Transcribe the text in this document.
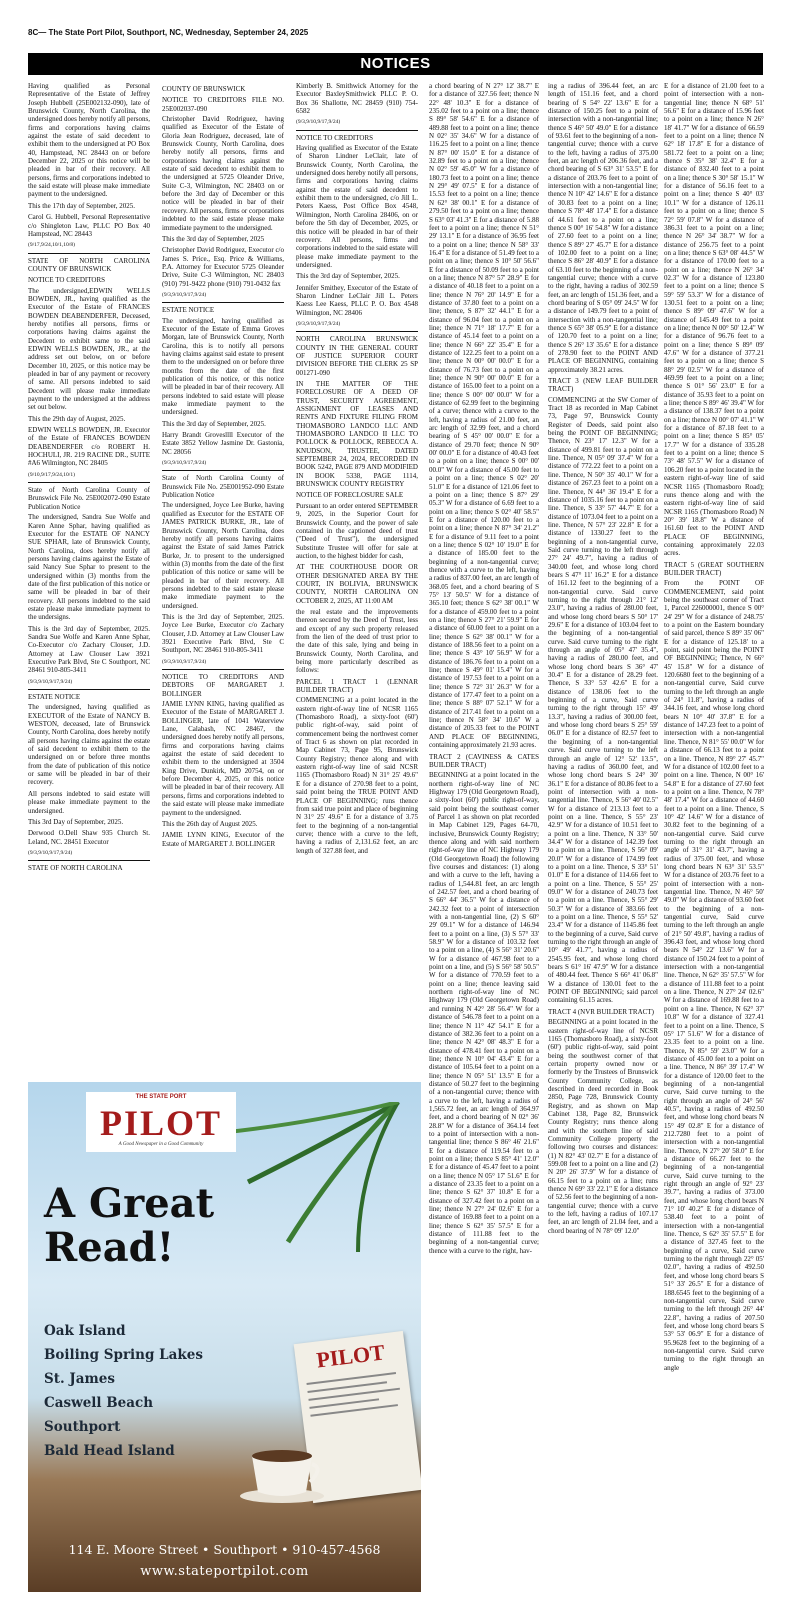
8C— The State Port Pilot, Southport, NC, Wednesday, September 24, 2025
NOTICES

Having qualified as Personal Representative of the Estate of Jeffrey Joseph Hubbell (25E002132-090), late of Brunswick County, North Carolina, the undersigned does hereby notify all persons, firms and corporations having claims against the estate of said decedent to exhibit them to the undersigned at PO Box 40, Hampstead, NC 28443 on or before December 22, 2025 or this notice will be pleaded in bar of their recovery. All persons, firms and corporations indebted to the said estate will please make immediate payment to the undersigned.

This the 17th day of September, 2025.

Carol G. Hubbell, Personal Representative c/o Shingleton Law, PLLC PO Box 40 Hampstead, NC 28443

(9/17,9/24,10/1,10/8)

STATE OF NORTH CAROLINA COUNTY OF BRUNSWICK
NOTICE TO CREDITORS

The undersigned,EDWIN WELLS BOWDEN, JR., having qualified as the Executor of the Estate of FRANCES BOWDEN DEABENDERFER, Deceased, hereby notifies all persons, firms or corporations having claims against the Decedent to exhibit same to the said EDWIN WELLS BOWDEN, JR., at the address set out below, on or before December 10, 2025, or this notice may be pleaded in bar of any payment or recovery of same. All persons indebted to said Decedent will please make immediate payment to the undersigned at the address set out below.

This the 29th day of August, 2025.

EDWIN WELLS BOWDEN, JR. Executor of the Estate of FRANCES BOWDEN DEABENDERFER c/o ROBERT H. HOCHULI, JR. 219 RACINE DR., SUITE #A6 Wilmington, NC 28405

(9/10,9/17,9/24,10/1)

State of North Carolina County of Brunswick File No. 25E002072-090 Estate Publication Notice

The undersigned, Sandra Sue Wolfe and Karen Anne Sphar, having qualified as Executor for the ESTATE OF NANCY SUE SPHAR, late of Brunswick County, North Carolina, does hereby notify all persons having claims against the Estate of said Nancy Sue Sphar to present to the undersigned within (3) months from the date of the first publication of this notice or same will be pleaded in bar of their recovery. All persons indebted to the said estate please make immediate payment to the undersigns.

This is the 3rd day of September, 2025. Sandra Sue Wolfe and Karen Anne Sphar, Co-Executor c/o Zachary Clouser, J.D. Attorney at Law Clouser Law 3921 Executive Park Blvd, Ste C Southport, NC 28461 910-805-3411

(9/3,9/10,9/17,9/24)

ESTATE NOTICE

The undersigned, having qualified as EXECUTOR of the Estate of NANCY B. WESTON, deceased, late of Brunswick County, North Carolina, does hereby notify all persons having claims against the estate of said decedent to exhibit them to the undersigned on or before three months from the date of publication of this notice or same will be pleaded in bar of their recovery.

All persons indebted to said estate will please make immediate payment to the undersigned.

This 3rd Day of September, 2025.

Derwood O.Dell Shaw 935 Church St. Leland, NC. 28451 Executor

(9/3,9/10,9/17,9/24)

STATE OF NORTH CAROLINA
COUNTY OF BRUNSWICK
NOTICE TO CREDITORS FILE NO. 25E002037-090

Christopher David Rodriguez, having qualified as Executor of the Estate of Gloria Jean Rodriguez, deceased, late of Brunswick County, North Carolina, does hereby notify all persons, firms and corporations having claims against the estate of said decedent to exhibit them to the undersigned at 5725 Oleander Drive, Suite C-3, Wilmington, NC 28403 on or before the 3rd day of December or this notice will be pleaded in bar of their recovery. All persons, firms or corporations indebted to the said estate please make immediate payment to the undersigned.

This the 3rd day of September, 2025

Christopher David Rodriguez, Executor c/o James S. Price., Esq. Price & Williams, P.A. Attorney for Executor 5725 Oleander Drive, Suite C-3 Wilmington, NC 28403 (910) 791-9422 phone (910) 791-0432 fax

(9/3,9/10,9/17,9/24)

ESTATE NOTICE

The undersigned, having qualified as Executor of the Estate of Emma Groves Morgan, late of Brunswick County, North Carolina, this is to notify all persons having claims against said estate to present them to the undersigned on or before three months from the date of the first publication of this notice, or this notice will be pleaded in bar of their recovery. All persons indebted to said estate will please make immediate payment to the undersigned.

This the 3rd day of September, 2025.

Harry Brandt Grovesllll Executor of the Estate 3852 Yellow Jasmine Dr. Gastonia, NC 28056

(9/3,9/10,9/17,9/24)

State of North Carolina County of Brunswick File No. 25E001952-090 Estate Publication Notice

The undersigned, Joyce Lee Burke, having qualified as Executor for the ESTATE OF JAMES PATRICK BURKE, JR., late of Brunswick County, North Carolina, does hereby notify all persons having claims against the Estate of said James Patrick Burke, Jr. to present to the undersigned within (3) months from the date of the first publication of this notice or same will be pleaded in bar of their recovery. All persons indebted to the said estate please make immediate payment to the undersigned.

This is the 3rd day of September, 2025. Joyce Lee Burke, Executor c/o Zachary Clouser, J.D. Attorney at Law Clouser Law 3921 Executive Park Blvd, Ste C Southport, NC 28461 910-805-3411

(9/3,9/10,9/17,9/24)

NOTICE TO CREDITORS AND DEBTORS OF MARGARET J. BOLLINGER

JAMIE LYNN KING, having qualified as Executor of the Estate of MARGARET J. BOLLINGER, late of 1041 Waterview Lane, Calabash, NC 28467, the undersigned does hereby notify all persons, firms and corporations having claims against the estate of said decedent to exhibit them to the undersigned at 3504 King Drive, Dunkirk, MD 20754, on or before December 4, 2025, or this notice will be pleaded in bar of their recovery. All persons, firms and corporations indebted to the said estate will please make immediate payment to the undersigned.

This the 26th day of August 2025.

JAMIE LYNN KING, Executor of the Estate of MARGARET J. BOLLINGER

Kimberly B. Smithwick Attorney for the Executor BaxleySmithwick PLLC P. O. Box 36 Shallotte, NC 28459 (910) 754-6582

(9/3,9/10,9/17,9/24)

NOTICE TO CREDITORS

Having qualified as Executor of the Estate of Sharon Lindner LeClair, late of Brunswick County, North Carolina, the undersigned does hereby notify all persons, firms and corporations having claims against the estate of said decedent to exhibit them to the undersigned, c/o Jill L. Peters Kaess, Post Office Box 4548, Wilmington, North Carolina 28406, on or before the 5th day of December, 2025, or this notice will be pleaded in bar of their recovery. All persons, firms and corporations indebted to the said estate will please make immediate payment to the undersigned.

This the 3rd day of September, 2025.

Jennifer Smithey, Executor of the Estate of Sharon Lindner LeClair Jill L. Peters Kaess Lee Kaess, PLLC P. O. Box 4548 Wilmington, NC 28406

(9/3,9/10,9/17,9/24)

NORTH CAROLINA BRUNSWICK COUNTY IN THE GENERAL COURT OF JUSTICE SUPERIOR COURT DIVISION BEFORE THE CLERK 25 SP 001271-090
IN THE MATTER OF THE FORECLOSURE OF A DEED OF TRUST, SECURITY AGREEMENT, ASSIGNMENT OF LEASES AND RENTS AND FIXTURE FILING FROM THOMASBORO LANDCO LLC AND THOMASBORO LANDCO II LLC TO POLLOCK & POLLOCK, REBECCA A. KNUDSON, TRUSTEE, DATED SEPTEMBER 24, 2024, RECORDED IN BOOK 5242, PAGE 879 AND MODIFIED IN BOOK 5338, PAGE 1114, BRUNSWICK COUNTY REGISTRY
NOTICE OF FORECLOSURE SALE

Pursuant to an order entered SEPTEMBER 9, 2025, in the Superior Court for Brunswick County, and the power of sale contained in the captioned deed of trust ("Deed of Trust"), the undersigned Substitute Trustee will offer for sale at auction, to the highest bidder for cash,

AT THE COURTHOUSE DOOR OR OTHER DESIGNATED AREA BY THE COURT, IN BOLIVIA, BRUNSWICK COUNTY, NORTH CAROLINA ON OCTOBER 2, 2025, AT 11:00 AM

the real estate and the improvements thereon secured by the Deed of Trust, less and except of any such property released from the lien of the deed of trust prior to the date of this sale, lying and being in Brunswick County, North Carolina, and being more particularly described as follows:

PARCEL 1 TRACT 1 (LENNAR BUILDER TRACT)

COMMENCING at a point located in the eastern right-of-way line of NCSR 1165 (Thomasboro Road), a sixty-foot (60') public right-of-way, said point of commencement being the northwest corner of Tract 6 as shown on plat recorded in Map Cabinet 73, Page 95, Brunswick County Registry; thence along and with eastern right-of-way line of said NCSR 1165 (Thomasboro Road) N 31° 25' 49.6" E for a distance of 270.98 feet to a point, said point being the TRUE POINT AND PLACE OF BEGINNING; runs thence from said true point and place of beginning N 31° 25' 49.6" E for a distance of 3.75 feet to the beginning of a non-tangential curve; thence with a curve to the left, having a radius of 2,131.62 feet, an arc length of 327.88 feet, and

a chord bearing of N 27° 12' 38.7" E for a distance of 327.56 feet; thence N 22° 48' 10.3" E for a distance of 235.02 feet to a point on a line; thence S 89° 58' 54.6" E for a distance of 489.88 feet to a point on a line; thence N 02° 35' 34.6" W for a distance of 116.25 feet to a point on a line; thence N 87° 00' 15.0" E for a distance of 32.89 feet to a point on a line; thence N 02° 59' 45.0" W for a distance of 180.73 feet to a point on a line; thence N 29° 49' 07.5" E for a distance of 15.53 feet to a point on a line; thence N 62° 38' 00.1" E for a distance of 279.50 feet to a point on a line; thence S 63° 03' 41.3" E for a distance of 5.88 feet to a point on a line; thence N 51° 29' 13.1" E for a distance of 36.95 feet to a point on a line; thence N 58° 33' 16.4" E for a distance of 51.49 feet to a point on a line; thence S 10° 50' 56.6" E for a distance of 50.09 feet to a point on a line; thence N 87° 57' 28.9" E for a distance of 40.18 feet to a point on a line; thence N 76° 20' 14.9" E for a distance of 37.80 feet to a point on a line; thence, S 87° 32' 44.1" E for a distance of 96.04 feet to a point on a line; thence N 71° 18' 17.7" E for a distance of 45.14 feet to a point on a line; thence N 66° 22' 35.4" E for a distance of 122.25 feet to a point on a line; thence N 00° 00' 00.0" E for a distance of 76.73 feet to a point on a line; thence N 90° 00' 00.0" E for a distance of 165.00 feet to a point on a line; thence S 00° 00' 00.0" W for a distance of 62.99 feet to the beginning of a curve; thence with a curve to the left, having a radius of 21.00 feet, an arc length of 32.99 feet, and a chord bearing of S 45° 00' 00.0" E for a distance of 29.70 feet; thence N 90° 00' 00.0" E for a distance of 40.43 feet to a point on a line; thence S 00° 00' 00.0" W for a distance of 45.00 feet to a point on a line; thence S 02° 20' 51.0" E for a distance of 121.06 feet to a point on a line; thence S 87° 29' 05.3" W for a distance of 6.69 feet to a point on a line; thence S 02° 40' 58.5" E for a distance of 120.00 feet to a point on a line; thence N 87° 34' 21.2" E for a distance of 9.11 feet to a point on a line; thence S 02° 10' 19.0" E for a distance of 185.00 feet to the beginning of a non-tangential curve; thence with a curve to the left, having a radius of 837.00 feet, an arc length of 368.05 feet, and a chord bearing of S 75° 13' 50.5" W for a distance of 365.10 feet; thence S 62° 38' 00.1" W for a distance of 459.00 feet to a point on a line; thence S 27° 21' 59.9" E for a distance of 60.00 feet to a point on a line; thence S 62° 38' 00.1" W for a distance of 188.56 feet to a point on a line; thence S 43° 10' 56.9" W for a distance of 186.76 feet to a point on a line; thence S 49° 01' 15.4" W for a distance of 197.53 feet to a point on a line; thence S 72° 31' 26.3" W for a distance of 177.47 feet to a point on a line; thence S 88° 07' 52.1" W for a distance of 217.41 feet to a point on a line; thence N 58° 34' 10.6" W a distance of 205.33 feet to the POINT AND PLACE OF BEGINNING, containing approximately 21.93 acres.

TRACT 2 (CAVINESS & CATES BUILDER TRACT)

BEGINNING at a point located in the northern right-of-way line of NC Highway 179 (Old Georgetown Road), a sixty-foot (60') public right-of-way, said point being the southeast corner of Parcel 1 as shown on plat recorded in Map Cabinet 129, Pages 64-70, inclusive, Brunswick County Registry; thence along and with said northern right-of-way line of NC Highway 179 (Old Georgetown Road) the following five courses and distances: (1) along and with a curve to the left, having a radius of 1,544.81 feet, an arc length of 242.57 feet, and a chord bearing of S 66° 44' 36.5" W for a distance of 242.32 feet to a point of intersection with a non-tangential line, (2) S 60° 29' 09.1" W for a distance of 146.94 feet to a point on a line, (3) S 57° 33' 58.9" W for a distance of 103.32 feet to a point on a line, (4) S 56° 31' 20.6" W for a distance of 467.98 feet to a point on a line, and (5) S 56° 58' 50.5" W for a distance of 770.59 feet to a point on a line; thence leaving said northern right-of-way line of NC Highway 179 (Old Georgetown Road) and running N 42° 28' 56.4" W for a distance of 546.78 feet to a point on a line; thence N 11° 42' 54.1" E for a distance of 382.36 feet to a point on a line; thence N 42° 08' 48.3" E for a distance of 478.41 feet to a point on a line; thence N 10° 04' 43.4" E for a distance of 105.64 feet to a point on a line; thence N 05° 51' 13.5" E for a distance of 50.27 feet to the beginning of a non-tangential curve; thence with a curve to the left, having a radius of 1,565.72 feet, an arc length of 364.97 feet, and a chord bearing of N 02° 36' 28.8" W for a distance of 364.14 feet to a point of intersection with a non-tangential line; thence S 86° 46' 21.6" E for a distance of 119.54 feet to a point on a line; thence S 85° 41' 12.0" E for a distance of 45.47 feet to a point on a line; thence N 05° 17' 51.6" E for a distance of 23.35 feet to a point on a line; thence S 62° 37' 10.8" E for a distance of 327.42 feet to a point on a line; thence N 27° 24' 02.6" E for a distance of 169.88 feet to a point on a line; thence S 62° 35' 57.5" E for a distance of 111.88 feet to the beginning of a non-tangential curve; thence with a curve to the right, hav-

ing a radius of 396.44 feet, an arc length of 151.16 feet, and a chord bearing of S 54° 22' 13.6" E for a distance of 150.25 feet to a point of intersection with a non-tangential line; thence S 46° 50' 49.0" E for a distance of 93.61 feet to the beginning of a non-tangential curve; thence with a curve to the left, having a radius of 375.00 feet, an arc length of 206.36 feet, and a chord bearing of S 63° 31' 53.5" E for a distance of 203.76 feet to a point of intersection with a non-tangential line; thence N 10° 42' 14.6" E for a distance of 30.83 feet to a point on a line; thence S 78° 48' 17.4" E for a distance of 44.61 feet to a point on a line; thence S 00° 16' 54.8" W for a distance of 27.60 feet to a point on a line; thence S 89° 27' 45.7" E for a distance of 102.00 feet to a point on a line; thence S 86° 28' 40.9" E for a distance of 63.10 feet to the beginning of a non-tangential curve; thence with a curve to the right, having a radius of 302.59 feet, an arc length of 151.36 feet, and a chord bearing of S 05° 09' 24.5" W for a distance of 149.79 feet to a point of intersection with a non-tangential line; thence S 65° 38' 05.9" E for a distance of 120.70 feet to a point on a line; thence S 26° 13' 35.6" E for a distance of 278.90 feet to the POINT AND PLACE OF BEGINNING, containing approximately 38.21 acres.

TRACT 3 (NEW LEAF BUILDER TRACT)

COMMENCING at the SW Corner of Tract 18 as recorded in Map Cabinet 73, Page 97, Brunswick County Register of Deeds, said point also being the POINT OF BEGINNING; Thence, N 23° 17' 12.3" W for a distance of 499.81 feet to a point on a line. Thence, N 05° 09' 37.4" W for a distance of 772.22 feet to a point on a line. Thence, N 50° 35' 40.1" W for a distance of 267.23 feet to a point on a line. Thence, N 44° 36' 19.4" E for a distance of 1035.16 feet to a point on a line. Thence, S 33° 57' 44.7" E for a distance of 1073.04 feet to a point on a line. Thence, N 57° 23' 22.8" E for a distance of 1330.27 feet to the beginning of a non-tangential curve, Said curve turning to the left through 27° 24' 49.7", having a radius of 340.00 feet, and whose long chord bears S 47° 11' 16.2" E for a distance of 161.12 feet to the beginning of a non-tangential curve. Said curve turning to the right through 21° 12' 23.0", having a radius of 280.00 feet, and whose long chord bears S 50° 17' 29.6" E for a distance of 103.04 feet to the beginning of a non-tangential curve. Said curve turning to the right through an angle of 05° 47' 35.4", having a radius of 280.00 feet, and whose long chord bears S 36° 47' 30.4" E for a distance of 28.29 feet. Thence, S 33° 53' 42.6" E for a distance of 138.06 feet to the beginning of a curve, Said curve turning to the right through 15° 49' 13.3", having a radius of 300.00 feet, and whose long chord bears S 25° 59' 06.0" E for a distance of 82.57 feet to the beginning of a non-tangential curve. Said curve turning to the left through an angle of 12° 52' 13.5", having a radius of 360.00 feet, and whose long chord bears S 24° 30' 36.1" E for a distance of 80.86 feet to a point of intersection with a non-tangential line. Thence, S 56° 40' 02.5" W for a distance of 213.13 feet to a point on a line. Thence, S 55° 23' 42.9" W for a distance of 10.51 feet to a point on a line. Thence, N 33° 50' 34.4" W for a distance of 142.39 feet to a point on a line. Thence, S 56° 09' 20.0" W for a distance of 174.99 feet to a point on a line. Thence, S 33° 51' 01.0" E for a distance of 114.66 feet to a point on a line. Thence, S 55° 25' 09.0" W for a distance of 240.73 feet to a point on a line. Thence, S 55° 29' 50.3" W for a distance of 383.66 feet to a point on a line. Thence, S 55° 52' 23.4" W for a distance of 1145.86 feet to the beginning of a curve, Said curve turning to the right through an angle of 10° 49' 41.7", having a radius of 2545.95 feet, and whose long chord bears S 61° 16' 47.9" W for a distance of 480.44 feet. Thence S 66° 41' 06.8" W a distance of 130.01 feet to the POINT OF BEGINNING; said parcel containing 61.15 acres.

TRACT 4 (NVR BUILDER TRACT)

BEGINNING at a point located in the eastern right-of-way line of NCSR 1165 (Thomasboro Road), a sixty-foot (60') public right-of-way, said point being the southwest corner of that certain property owned now or formerly by the Trustees of Brunswick County Community College, as described in deed recorded in Book 2850, Page 728, Brunswick County Registry, and as shown on Map Cabinet 138, Page 82, Brunswick County Registry; runs thence along and with the southern line of said Community College property the following two courses and distances: (1) N 82° 43' 02.7" E for a distance of 599.08 feet to a point on a line and (2) N 20° 26' 37.9" W for a distance of 66.15 feet to a point on a line; runs thence N 69° 33' 22.1" E for a distance of 52.56 feet to the beginning of a non-tangential curve; thence with a curve to the left, having a radius of 107.17 feet, an arc length of 21.04 feet, and a chord bearing of N 78° 09' 12.0"

E for a distance of 21.00 feet to a point of intersection with a non-tangential line; thence N 68° 51' 56.6" E for a distance of 15.96 feet to a point on a line; thence N 26° 18' 41.7" W for a distance of 66.59 feet to a point on a line; thence N 62° 18' 17.8" E for a distance of 581.72 feet to a point on a line; thence S 35° 38' 32.4" E for a distance of 832.40 feet to a point on a line; thence S 30° 58' 15.1" W for a distance of 56.16 feet to a point on a line; thence S 40° 03' 10.1" W for a distance of 126.11 feet to a point on a line; thence S 72° 59' 07.8" W for a distance of 386.31 feet to a point on a line; thence N 26° 34' 38.7" W for a distance of 256.75 feet to a point on a line; thence S 63° 08' 44.5" W for a distance of 170.00 feet to a point on a line; thence N 26° 34' 02.3" W for a distance of 123.80 feet to a point on a line; thence S 59° 59' 53.3" W for a distance of 130.51 feet to a point on a line; thence S 89° 09' 47.6" W for a distance of 145.49 feet to a point on a line; thence N 00° 50' 12.4" W for a distance of 96.76 feet to a point on a line; thence S 89° 09' 47.6" W for a distance of 377.21 feet to a point on a line; thence S 88° 29' 02.5" W for a distance of 469.99 feet to a point on a line; thence S 01° 56' 23.0" E for a distance of 35.93 feet to a point on a line; thence S 89° 46' 39.4" W for a distance of 138.37 feet to a point on a line; thence N 00° 07' 41.1" W for a distance of 87.18 feet to a point on a line; thence S 85° 05' 17.7" W for a distance of 335.28 feet to a point on a line; thence S 73° 48' 57.5" W for a distance of 106.20 feet to a point located in the eastern right-of-way line of said NCSR 1165 (Thomasboro Road); runs thence along and with the eastern right-of-way line of said NCSR 1165 (Thomasboro Road) N 20° 39' 18.8" W a distance of 161.60 feet to the POINT AND PLACE OF BEGINNING, containing approximately 22.03 acres.

TRACT 5 (GREAT SOUTHERN BUILDER TRACT)

From the POINT OF COMMENCEMENT, said point being the southeast corner of Tract 1, Parcel 226000001, thence S 00° 24' 29" W for a distance of 248.75' to a point on the Eastern boundary of said parcel, thence S 89° 35' 06" E for a distance of 125.18' to a point, said point being the POINT OF BEGINNING; Thence, N 66° 45' 15.8" W for a distance of 120.6680 feet to the beginning of a non-tangential curve, Said curve turning to the left through an angle of 24° 11.8", having a radius of 344.16 feet, and whose long chord bears N 10° 40' 37.8" E for a distance of 147.23 feet to a point of intersection with a non-tangential line. Thence, N 81° 55' 00.0" W for a distance of 66.13 feet to a point on a line. Thence, N 89° 27' 45.7" W for a distance of 102.00 feet to a point on a line. Thence, N 00° 16' 54.8" E for a distance of 27.60 feet to a point on a line. Thence, N 78° 48' 17.4" W for a distance of 44.60 feet to a point on a line. Thence, S 10° 42' 14.6" W for a distance of 30.82 feet to the beginning of a non-tangential curve. Said curve turning to the right through an angle of 31° 31' 43.7", having a radius of 375.00 feet, and whose long chord bears N 63° 31' 53.5" W for a distance of 203.76 feet to a point of intersection with a non-tangential line. Thence, N 46° 50' 49.0" W for a distance of 93.60 feet to the beginning of a non-tangential curve, Said curve turning to the left through an angle of 21° 50' 49.8", having a radius of 396.43 feet, and whose long chord bears N 54° 22' 13.6" W for a distance of 150.24 feet to a point of intersection with a non-tangential line. Thence, N 62° 35' 57.5" W for a distance of 111.88 feet to a point on a line. Thence, N 27° 24' 02.6" W for a distance of 169.88 feet to a point on a line. Thence, N 62° 37' 10.8" W for a distance of 327.41 feet to a point on a line. Thence, S 05° 17' 51.6" W for a distance of 23.35 feet to a point on a line. Thence, N 85° 59' 23.0" W for a distance of 45.00 feet to a point on a line. Thence, N 86° 39' 17.4" W for a distance of 120.00 feet to the beginning of a non-tangential curve, Said curve turning to the right through an angle of 24° 56' 40.5", having a radius of 492.50 feet, and whose long chord bears N 15° 49' 02.8" E for a distance of 212.7280 feet to a point of intersection with a non-tangential line. Thence, N 27° 20' 58.0" E for a distance of 66.27 feet to the beginning of a non-tangential curve, Said curve turning to the right through an angle of 92° 23' 39.7", having a radius of 373.00 feet, and whose long chord bears N 71° 10' 40.2" E for a distance of 538.40 feet to a point of intersection with a non-tangential line. Thence, S 62° 35' 57.5" E for a distance of 327.45 feet to the beginning of a curve, Said curve turning to the right through 22° 05' 02.0", having a radius of 492.50 feet, and whose long chord bears S 51° 33' 26.5" E for a distance of 188.6545 feet to the beginning of a non-tangential curve, Said curve turning to the left through 26° 44' 22.8", having a radius of 207.50 feet, and whose long chord bears S 53° 53' 06.9" E for a distance of 95.9628 feet to the beginning of a non-tangential curve. Said curve turning to the right through an angle

THE STATE PORT
PILOT
A Good Newspaper in a Good Community
A Great
Read!
Oak Island
Boiling Spring Lakes
St. James
Caswell Beach
Southport
Bald Head Island
PILOT
114 E. Moore Street • Southport • 910-457-4568
www.stateportpilot.com
